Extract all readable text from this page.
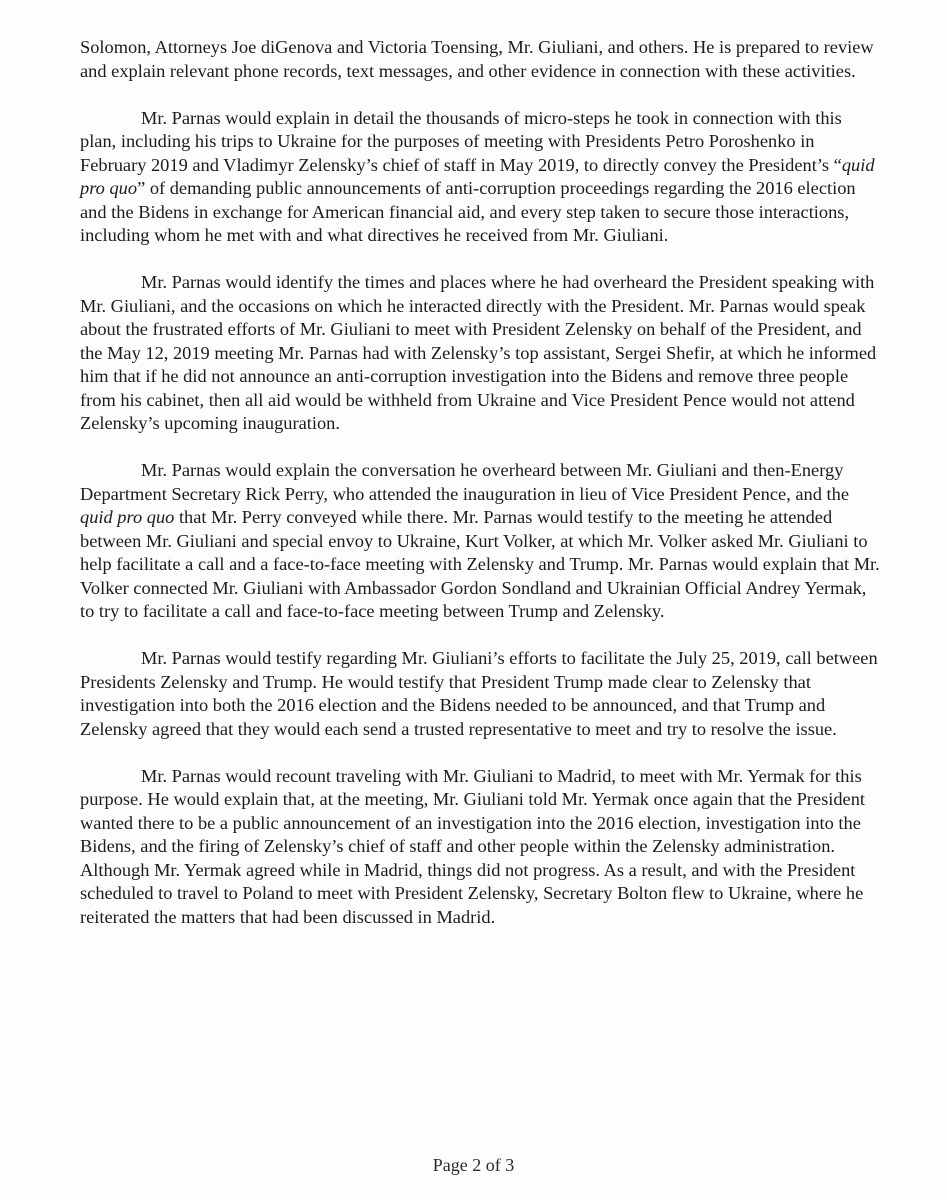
Solomon, Attorneys Joe diGenova and Victoria Toensing, Mr. Giuliani, and others. He is prepared to review and explain relevant phone records, text messages, and other evidence in connection with these activities.

Mr. Parnas would explain in detail the thousands of micro-steps he took in connection with this plan, including his trips to Ukraine for the purposes of meeting with Presidents Petro Poroshenko in February 2019 and Vladimyr Zelensky’s chief of staff in May 2019, to directly convey the President’s “quid pro quo” of demanding public announcements of anti-corruption proceedings regarding the 2016 election and the Bidens in exchange for American financial aid, and every step taken to secure those interactions, including whom he met with and what directives he received from Mr. Giuliani.

Mr. Parnas would identify the times and places where he had overheard the President speaking with Mr. Giuliani, and the occasions on which he interacted directly with the President. Mr. Parnas would speak about the frustrated efforts of Mr. Giuliani to meet with President Zelensky on behalf of the President, and the May 12, 2019 meeting Mr. Parnas had with Zelensky’s top assistant, Sergei Shefir, at which he informed him that if he did not announce an anti-corruption investigation into the Bidens and remove three people from his cabinet, then all aid would be withheld from Ukraine and Vice President Pence would not attend Zelensky’s upcoming inauguration.

Mr. Parnas would explain the conversation he overheard between Mr. Giuliani and then-Energy Department Secretary Rick Perry, who attended the inauguration in lieu of Vice President Pence, and the quid pro quo that Mr. Perry conveyed while there. Mr. Parnas would testify to the meeting he attended between Mr. Giuliani and special envoy to Ukraine, Kurt Volker, at which Mr. Volker asked Mr. Giuliani to help facilitate a call and a face-to-face meeting with Zelensky and Trump. Mr. Parnas would explain that Mr. Volker connected Mr. Giuliani with Ambassador Gordon Sondland and Ukrainian Official Andrey Yermak, to try to facilitate a call and face-to-face meeting between Trump and Zelensky.

Mr. Parnas would testify regarding Mr. Giuliani’s efforts to facilitate the July 25, 2019, call between Presidents Zelensky and Trump. He would testify that President Trump made clear to Zelensky that investigation into both the 2016 election and the Bidens needed to be announced, and that Trump and Zelensky agreed that they would each send a trusted representative to meet and try to resolve the issue.

Mr. Parnas would recount traveling with Mr. Giuliani to Madrid, to meet with Mr. Yermak for this purpose. He would explain that, at the meeting, Mr. Giuliani told Mr. Yermak once again that the President wanted there to be a public announcement of an investigation into the 2016 election, investigation into the Bidens, and the firing of Zelensky’s chief of staff and other people within the Zelensky administration. Although Mr. Yermak agreed while in Madrid, things did not progress. As a result, and with the President scheduled to travel to Poland to meet with President Zelensky, Secretary Bolton flew to Ukraine, where he reiterated the matters that had been discussed in Madrid.

Page 2 of 3
